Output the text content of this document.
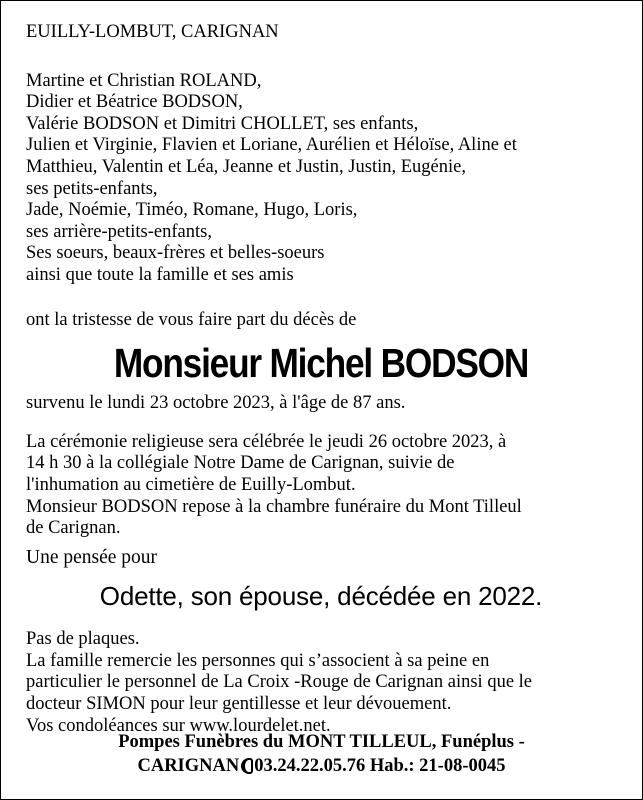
EUILLY-LOMBUT, CARIGNAN

Martine et Christian ROLAND,

Didier et Béatrice BODSON,

Valérie BODSON et Dimitri CHOLLET, ses enfants,

Julien et Virginie, Flavien et Loriane, Aurélien et Héloïse, Aline et

Matthieu, Valentin et Léa, Jeanne et Justin, Justin, Eugénie,

ses petits-enfants,

Jade, Noémie, Timéo, Romane, Hugo, Loris,

ses arrière-petits-enfants,

Ses soeurs, beaux-frères et belles-soeurs

ainsi que toute la famille et ses amis

ont la tristesse de vous faire part du décès de

Monsieur Michel BODSON

survenu le lundi 23 octobre 2023, à l'âge de 87 ans.

La cérémonie religieuse sera célébrée le jeudi 26 octobre 2023, à

14 h 30 à la collégiale Notre Dame de Carignan, suivie de

l'inhumation au cimetière de Euilly-Lombut.

Monsieur BODSON repose à la chambre funéraire du Mont Tilleul

de Carignan.

Une pensée pour

Odette, son épouse, décédée en 2022.

Pas de plaques.

La famille remercie les personnes qui s’associent à sa peine en

particulier le personnel de La Croix -Rouge de Carignan ainsi que le

docteur SIMON pour leur gentillesse et leur dévouement.

Vos condoléances sur www.lourdelet.net.

Pompes Funèbres du MONT TILLEUL, Funéplus -
CARIGNAN 03.24.22.05.76 Hab.: 21-08-0045
